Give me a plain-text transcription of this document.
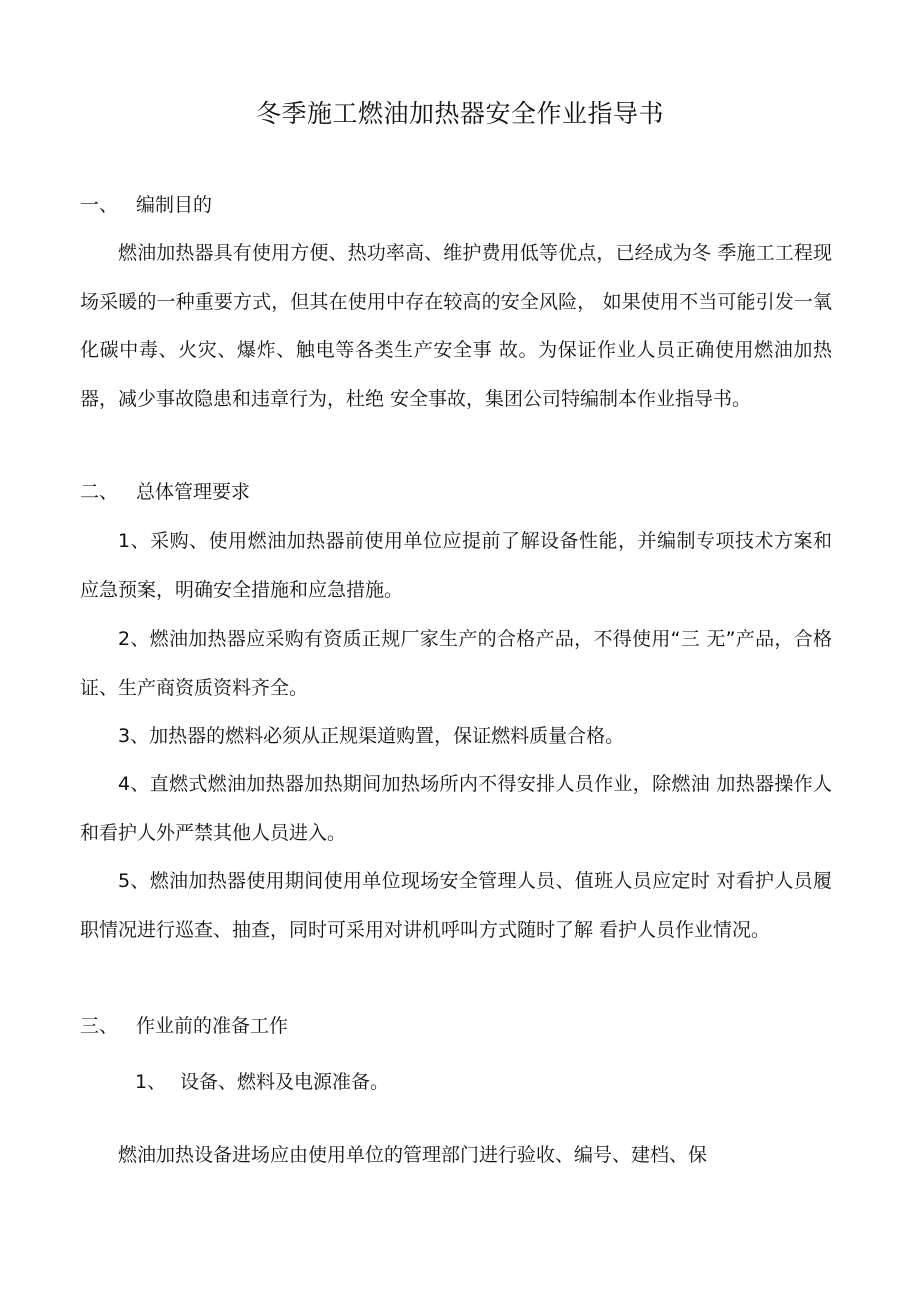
冬季施工燃油加热器安全作业指导书
一、 编制目的
燃油加热器具有使用方便、热功率高、维护费用低等优点，已经成为冬 季施工工程现场采暖的一种重要方式，但其在使用中存在较高的安全风险， 如果使用不当可能引发一氧化碳中毒、火灾、爆炸、触电等各类生产安全事 故。为保证作业人员正确使用燃油加热器，减少事故隐患和违章行为，杜绝 安全事故，集团公司特编制本作业指导书。
二、 总体管理要求
1、采购、使用燃油加热器前使用单位应提前了解设备性能，并编制专项技术方案和应急预案，明确安全措施和应急措施。
2、燃油加热器应采购有资质正规厂家生产的合格产品，不得使用“三 无”产品，合格证、生产商资质资料齐全。
3、加热器的燃料必须从正规渠道购置，保证燃料质量合格。
4、直燃式燃油加热器加热期间加热场所内不得安排人员作业，除燃油 加热器操作人和看护人外严禁其他人员进入。
5、燃油加热器使用期间使用单位现场安全管理人员、值班人员应定时 对看护人员履职情况进行巡查、抽查，同时可采用对讲机呼叫方式随时了解 看护人员作业情况。
三、 作业前的准备工作
1、 设备、燃料及电源准备。
燃油加热设备进场应由使用单位的管理部门进行验收、编号、建档、保
